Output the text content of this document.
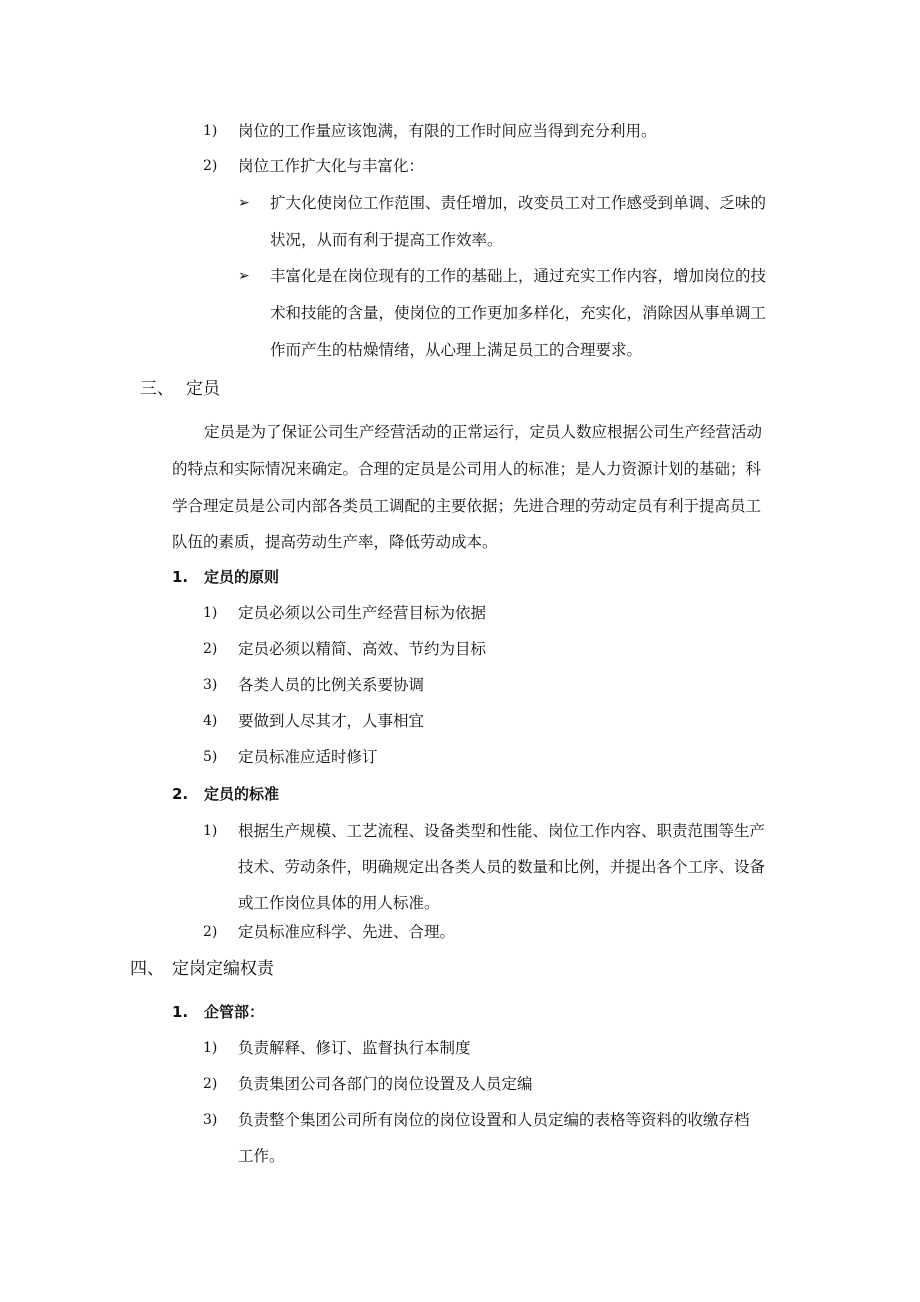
1) 岗位的工作量应该饱满，有限的工作时间应当得到充分利用。
2) 岗位工作扩大化与丰富化：
➢ 扩大化使岗位工作范围、责任增加，改变员工对工作感受到单调、乏味的
状况，从而有利于提高工作效率。
➢ 丰富化是在岗位现有的工作的基础上，通过充实工作内容，增加岗位的技
术和技能的含量，使岗位的工作更加多样化，充实化，消除因从事单调工
作而产生的枯燥情绪，从心理上满足员工的合理要求。
三、 定员
定员是为了保证公司生产经营活动的正常运行，定员人数应根据公司生产经营活动
的特点和实际情况来确定。合理的定员是公司用人的标准；是人力资源计划的基础；科
学合理定员是公司内部各类员工调配的主要依据；先进合理的劳动定员有利于提高员工
队伍的素质，提高劳动生产率，降低劳动成本。
1. 定员的原则
1) 定员必须以公司生产经营目标为依据
2) 定员必须以精简、高效、节约为目标
3) 各类人员的比例关系要协调
4) 要做到人尽其才，人事相宜
5) 定员标准应适时修订
2. 定员的标准
1) 根据生产规模、工艺流程、设备类型和性能、岗位工作内容、职责范围等生产
技术、劳动条件，明确规定出各类人员的数量和比例，并提出各个工序、设备
或工作岗位具体的用人标准。
2) 定员标准应科学、先进、合理。
四、 定岗定编权责
1. 企管部：
1) 负责解释、修订、监督执行本制度
2) 负责集团公司各部门的岗位设置及人员定编
3) 负责整个集团公司所有岗位的岗位设置和人员定编的表格等资料的收缴存档
工作。
